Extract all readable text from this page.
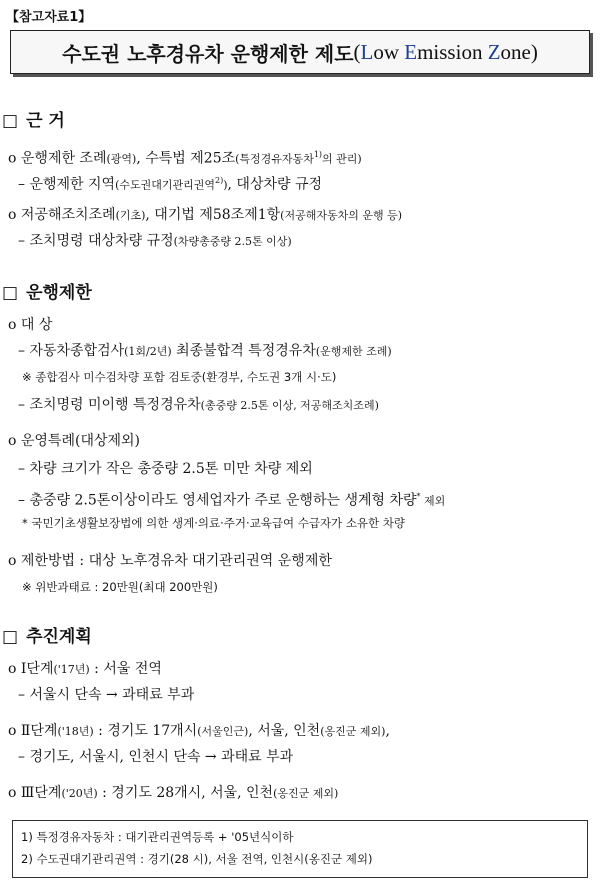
【참고자료1】
수도권 노후경유차 운행제한 제도 (Low Emission Zone)
□ 근 거
o 운행제한 조례(광역), 수특법 제25조(특정경유자동차$^{1)}$의 관리)
– 운행제한 지역(수도권대기관리권역$^{2)}$), 대상차량 규정
o 저공해조치조례(기초), 대기법 제58조제1항(저공해자동차의 운행 등)
– 조치명령 대상차량 규정(차량총중량 2.5톤 이상)
□ 운행제한
o 대 상
– 자동차종합검사(1회/2년) 최종불합격 특정경유차(운행제한 조례)
※ 종합검사 미수검차량 포함 검토중(환경부, 수도권 3개 시·도)
– 조치명령 미이행 특정경유차(총중량 2.5톤 이상, 저공해조치조례)
o 운영특례(대상제외)
– 차량 크기가 작은 총중량 2.5톤 미만 차량 제외
– 총중량 2.5톤이상이라도 영세업자가 주로 운행하는 생계형 차량* 제외
* 국민기초생활보장법에 의한 생계·의료·주거·교육급여 수급자가 소유한 차량
o 제한방법 : 대상 노후경유차 대기관리권역 운행제한
※ 위반과태료 : 20만원(최대 200만원)
□ 추진계획
o Ⅰ단계('17년) : 서울 전역
– 서울시 단속 → 과태료 부과
o Ⅱ단계('18년) : 경기도 17개시(서울인근), 서울, 인천(옹진군 제외),
– 경기도, 서울시, 인천시 단속 → 과태료 부과
o Ⅲ단계('20년) : 경기도 28개시, 서울, 인천(옹진군 제외)
1) 특정경유자동차 : 대기관리권역등록 + '05년식이하
2) 수도권대기관리권역 : 경기(28 시), 서울 전역, 인천시(옹진군 제외)
